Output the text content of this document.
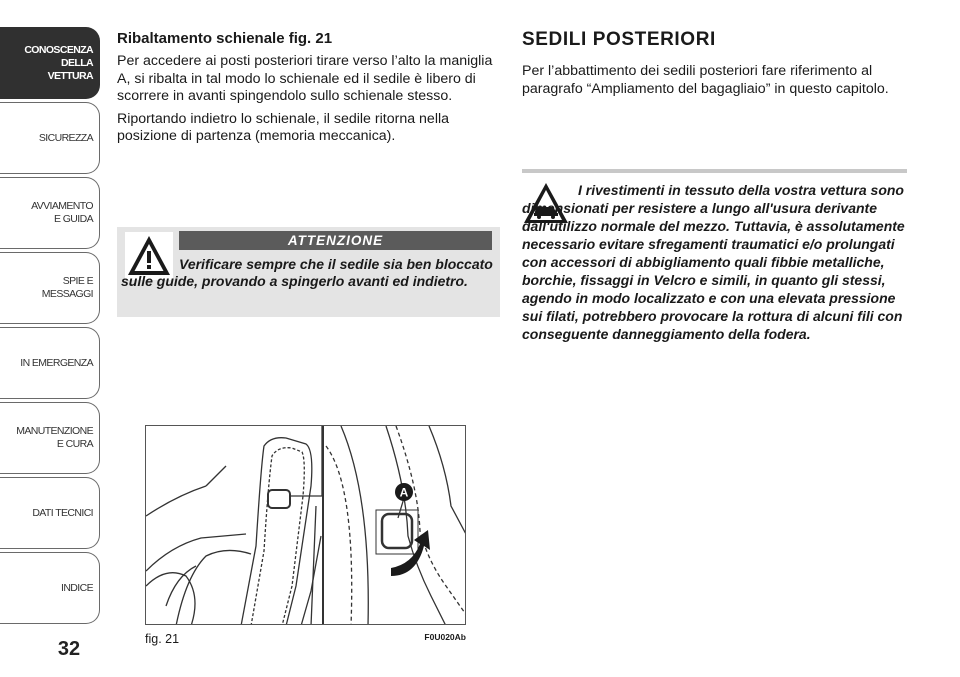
CONOSCENZA
DELLA
VETTURA
SICUREZZA
AVVIAMENTO
E GUIDA
SPIE E
MESSAGGI
IN EMERGENZA
MANUTENZIONE
E CURA
DATI TECNICI
INDICE
32
Ribaltamento schienale fig. 21

Per accedere ai posti posteriori tirare verso l’alto la maniglia A, si ribalta in tal modo lo schienale ed il sedile è libero di scorrere in avanti spingendolo sullo schienale stesso.

Riportando indietro lo schienale, il sedile ritorna nella posizione di partenza (memoria meccanica).

ATTENZIONE
Verificare sempre che il sedile sia ben bloccato sulle guide, provando a spingerlo avanti ed indietro.
A
fig. 21	F0U020Ab
SEDILI POSTERIORI

Per l’abbattimento dei sedili posteriori fare riferimento al paragrafo “Ampliamento del bagagliaio” in questo capitolo.

I rivestimenti in tessuto della vostra vettura sono dimensionati per resistere a lungo all'usura derivante dall'utilizzo normale del mezzo. Tuttavia, è assolutamente necessario evitare sfregamenti traumatici e/o prolungati con accessori di abbigliamento quali fibbie metalliche, borchie, fissaggi in Velcro e simili, in quanto gli stessi, agendo in modo localizzato e con una elevata pressione sui filati, potrebbero provocare la rottura di alcuni fili con conseguente danneggiamento della fodera.
